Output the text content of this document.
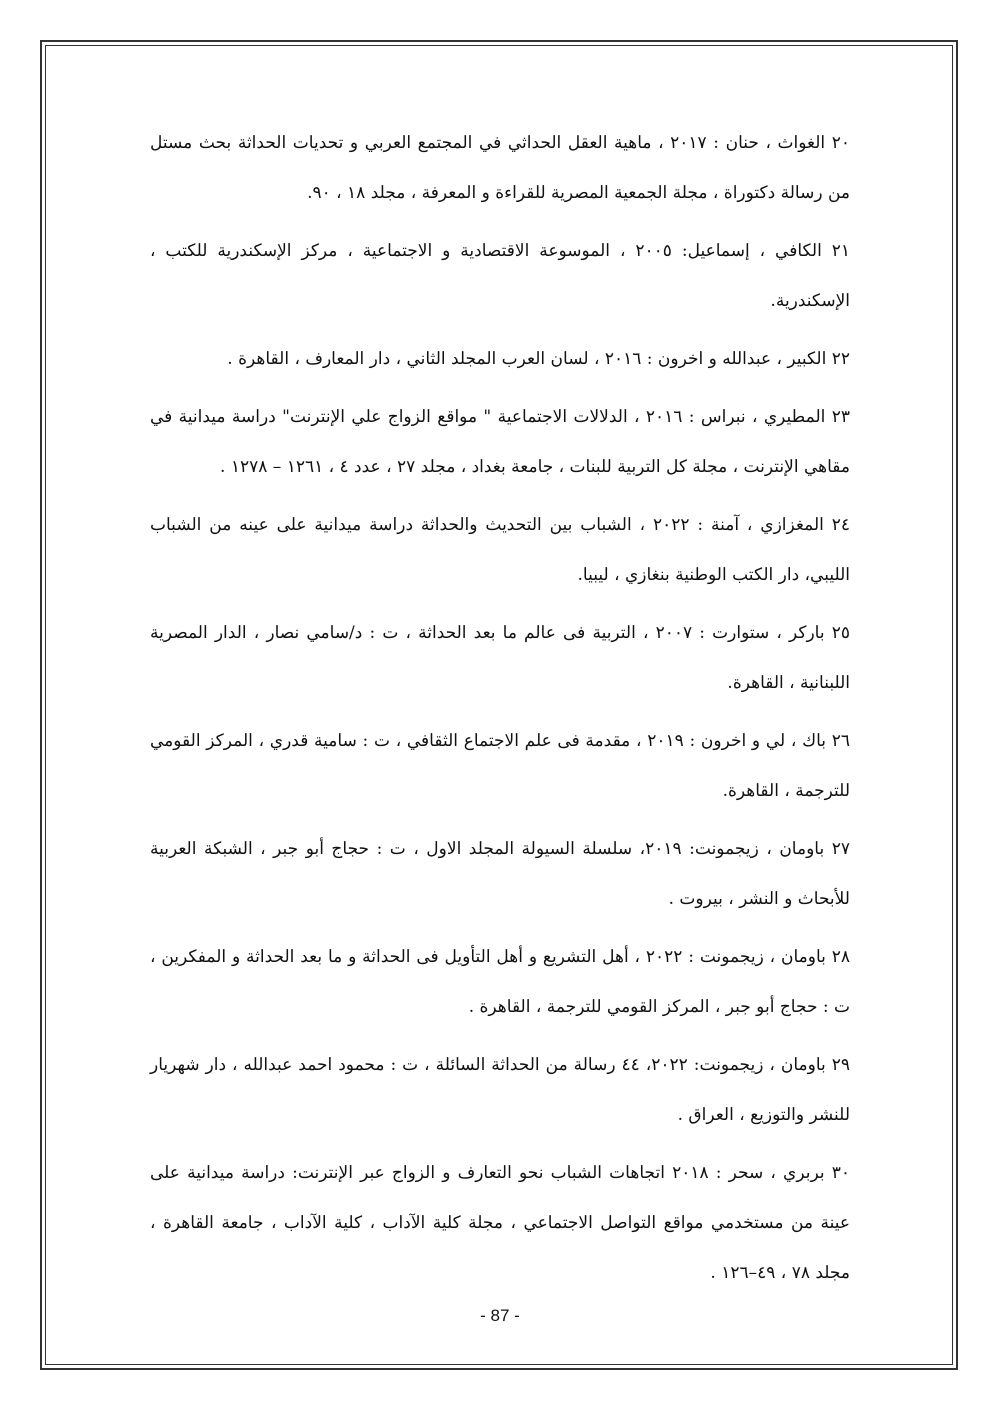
٢٠ الغواث ، حنان : ٢٠١٧ ، ماهية العقل الحداثي في المجتمع العربي و تحديات الحداثة بحث مستل من رسالة دكتوراة ، مجلة الجمعية المصرية للقراءة و المعرفة ، مجلد ١٨ ، ٩٠.

٢١ الكافي ، إسماعيل: ٢٠٠٥ ، الموسوعة الاقتصادية و الاجتماعية ، مركز الإسكندرية للكتب ، الإسكندرية.

٢٢ الكبير ، عبدالله و اخرون : ٢٠١٦ ، لسان العرب المجلد الثاني ، دار المعارف ، القاهرة .

٢٣ المطيري ، نبراس : ٢٠١٦ ، الدلالات الاجتماعية " مواقع الزواج علي الإنترنت" دراسة ميدانية في مقاهي الإنترنت ، مجلة كل التربية للبنات ، جامعة بغداد ، مجلد ٢٧ ، عدد ٤ ، ١٢٦١ – ١٢٧٨ .

٢٤ المغزازي ، آمنة : ٢٠٢٢ ، الشباب بين التحديث والحداثة دراسة ميدانية على عينه من الشباب الليبي، دار الكتب الوطنية بنغازي ، ليبيا.

٢٥ باركر ، ستوارت : ٢٠٠٧ ، التربية فى عالم ما بعد الحداثة ، ت : د/سامي نصار ، الدار المصرية اللبنانية ، القاهرة.

٢٦ باك ، لي و اخرون : ٢٠١٩ ، مقدمة فى علم الاجتماع الثقافي ، ت : سامية قدري ، المركز القومي للترجمة ، القاهرة.

٢٧ باومان ، زيجمونت: ٢٠١٩، سلسلة السيولة المجلد الاول ، ت : حجاج أبو جبر ، الشبكة العربية للأبحاث و النشر ، بيروت .

٢٨ باومان ، زيجمونت : ٢٠٢٢ ، أهل التشريع و أهل التأويل فى الحداثة و ما بعد الحداثة و المفكرين ، ت : حجاج أبو جبر ، المركز القومي للترجمة ، القاهرة .

٢٩ باومان ، زيجمونت: ٢٠٢٢، ٤٤ رسالة من الحداثة السائلة ، ت : محمود احمد عبدالله ، دار شهريار للنشر والتوزيع ، العراق .

٣٠ بربري ، سحر : ٢٠١٨ اتجاهات الشباب نحو التعارف و الزواج عبر الإنترنت: دراسة ميدانية على عينة من مستخدمي مواقع التواصل الاجتماعي ، مجلة كلية الآداب ، كلية الآداب ، جامعة القاهرة ، مجلد ٧٨ ، ٤٩–١٢٦ .

- 87 -
